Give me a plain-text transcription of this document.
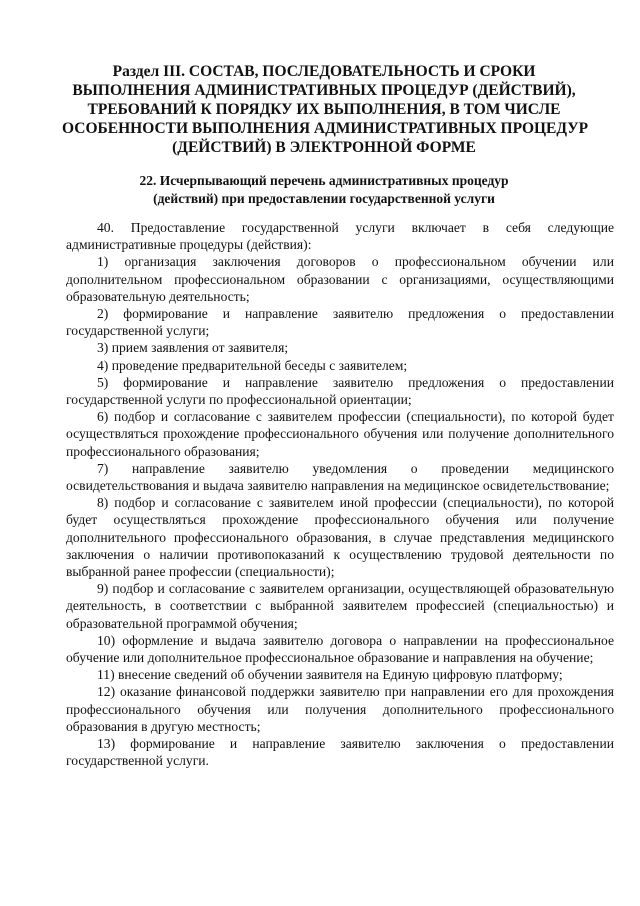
Раздел III. СОСТАВ, ПОСЛЕДОВАТЕЛЬНОСТЬ И СРОКИ
ВЫПОЛНЕНИЯ АДМИНИСТРАТИВНЫХ ПРОЦЕДУР (ДЕЙСТВИЙ),
ТРЕБОВАНИЙ К ПОРЯДКУ ИХ ВЫПОЛНЕНИЯ, В ТОМ ЧИСЛЕ
ОСОБЕННОСТИ ВЫПОЛНЕНИЯ АДМИНИСТРАТИВНЫХ ПРОЦЕДУР
(ДЕЙСТВИЙ) В ЭЛЕКТРОННОЙ ФОРМЕ
22. Исчерпывающий перечень административных процедур
(действий) при предоставлении государственной услуги

40. Предоставление государственной услуги включает в себя следующие административные процедуры (действия):

1) организация заключения договоров о профессиональном обучении или дополнительном профессиональном образовании с организациями, осуществляющими образовательную деятельность;

2) формирование и направление заявителю предложения о предоставлении государственной услуги;

3) прием заявления от заявителя;

4) проведение предварительной беседы с заявителем;

5) формирование и направление заявителю предложения о предоставлении государственной услуги по профессиональной ориентации;

6) подбор и согласование с заявителем профессии (специальности), по которой будет осуществляться прохождение профессионального обучения или получение дополнительного профессионального образования;

7) направление заявителю уведомления о проведении медицинского освидетельствования и выдача заявителю направления на медицинское освидетельствование;

8) подбор и согласование с заявителем иной профессии (специальности), по которой будет осуществляться прохождение профессионального обучения или получение дополнительного профессионального образования, в случае представления медицинского заключения о наличии противопоказаний к осуществлению трудовой деятельности по выбранной ранее профессии (специальности);

9) подбор и согласование с заявителем организации, осуществляющей образовательную деятельность, в соответствии с выбранной заявителем профессией (специальностью) и образовательной программой обучения;

10) оформление и выдача заявителю договора о направлении на профессиональное обучение или дополнительное профессиональное образование и направления на обучение;

11) внесение сведений об обучении заявителя на Единую цифровую платформу;

12) оказание финансовой поддержки заявителю при направлении его для прохождения профессионального обучения или получения дополнительного профессионального образования в другую местность;

13) формирование и направление заявителю заключения о предоставлении государственной услуги.
